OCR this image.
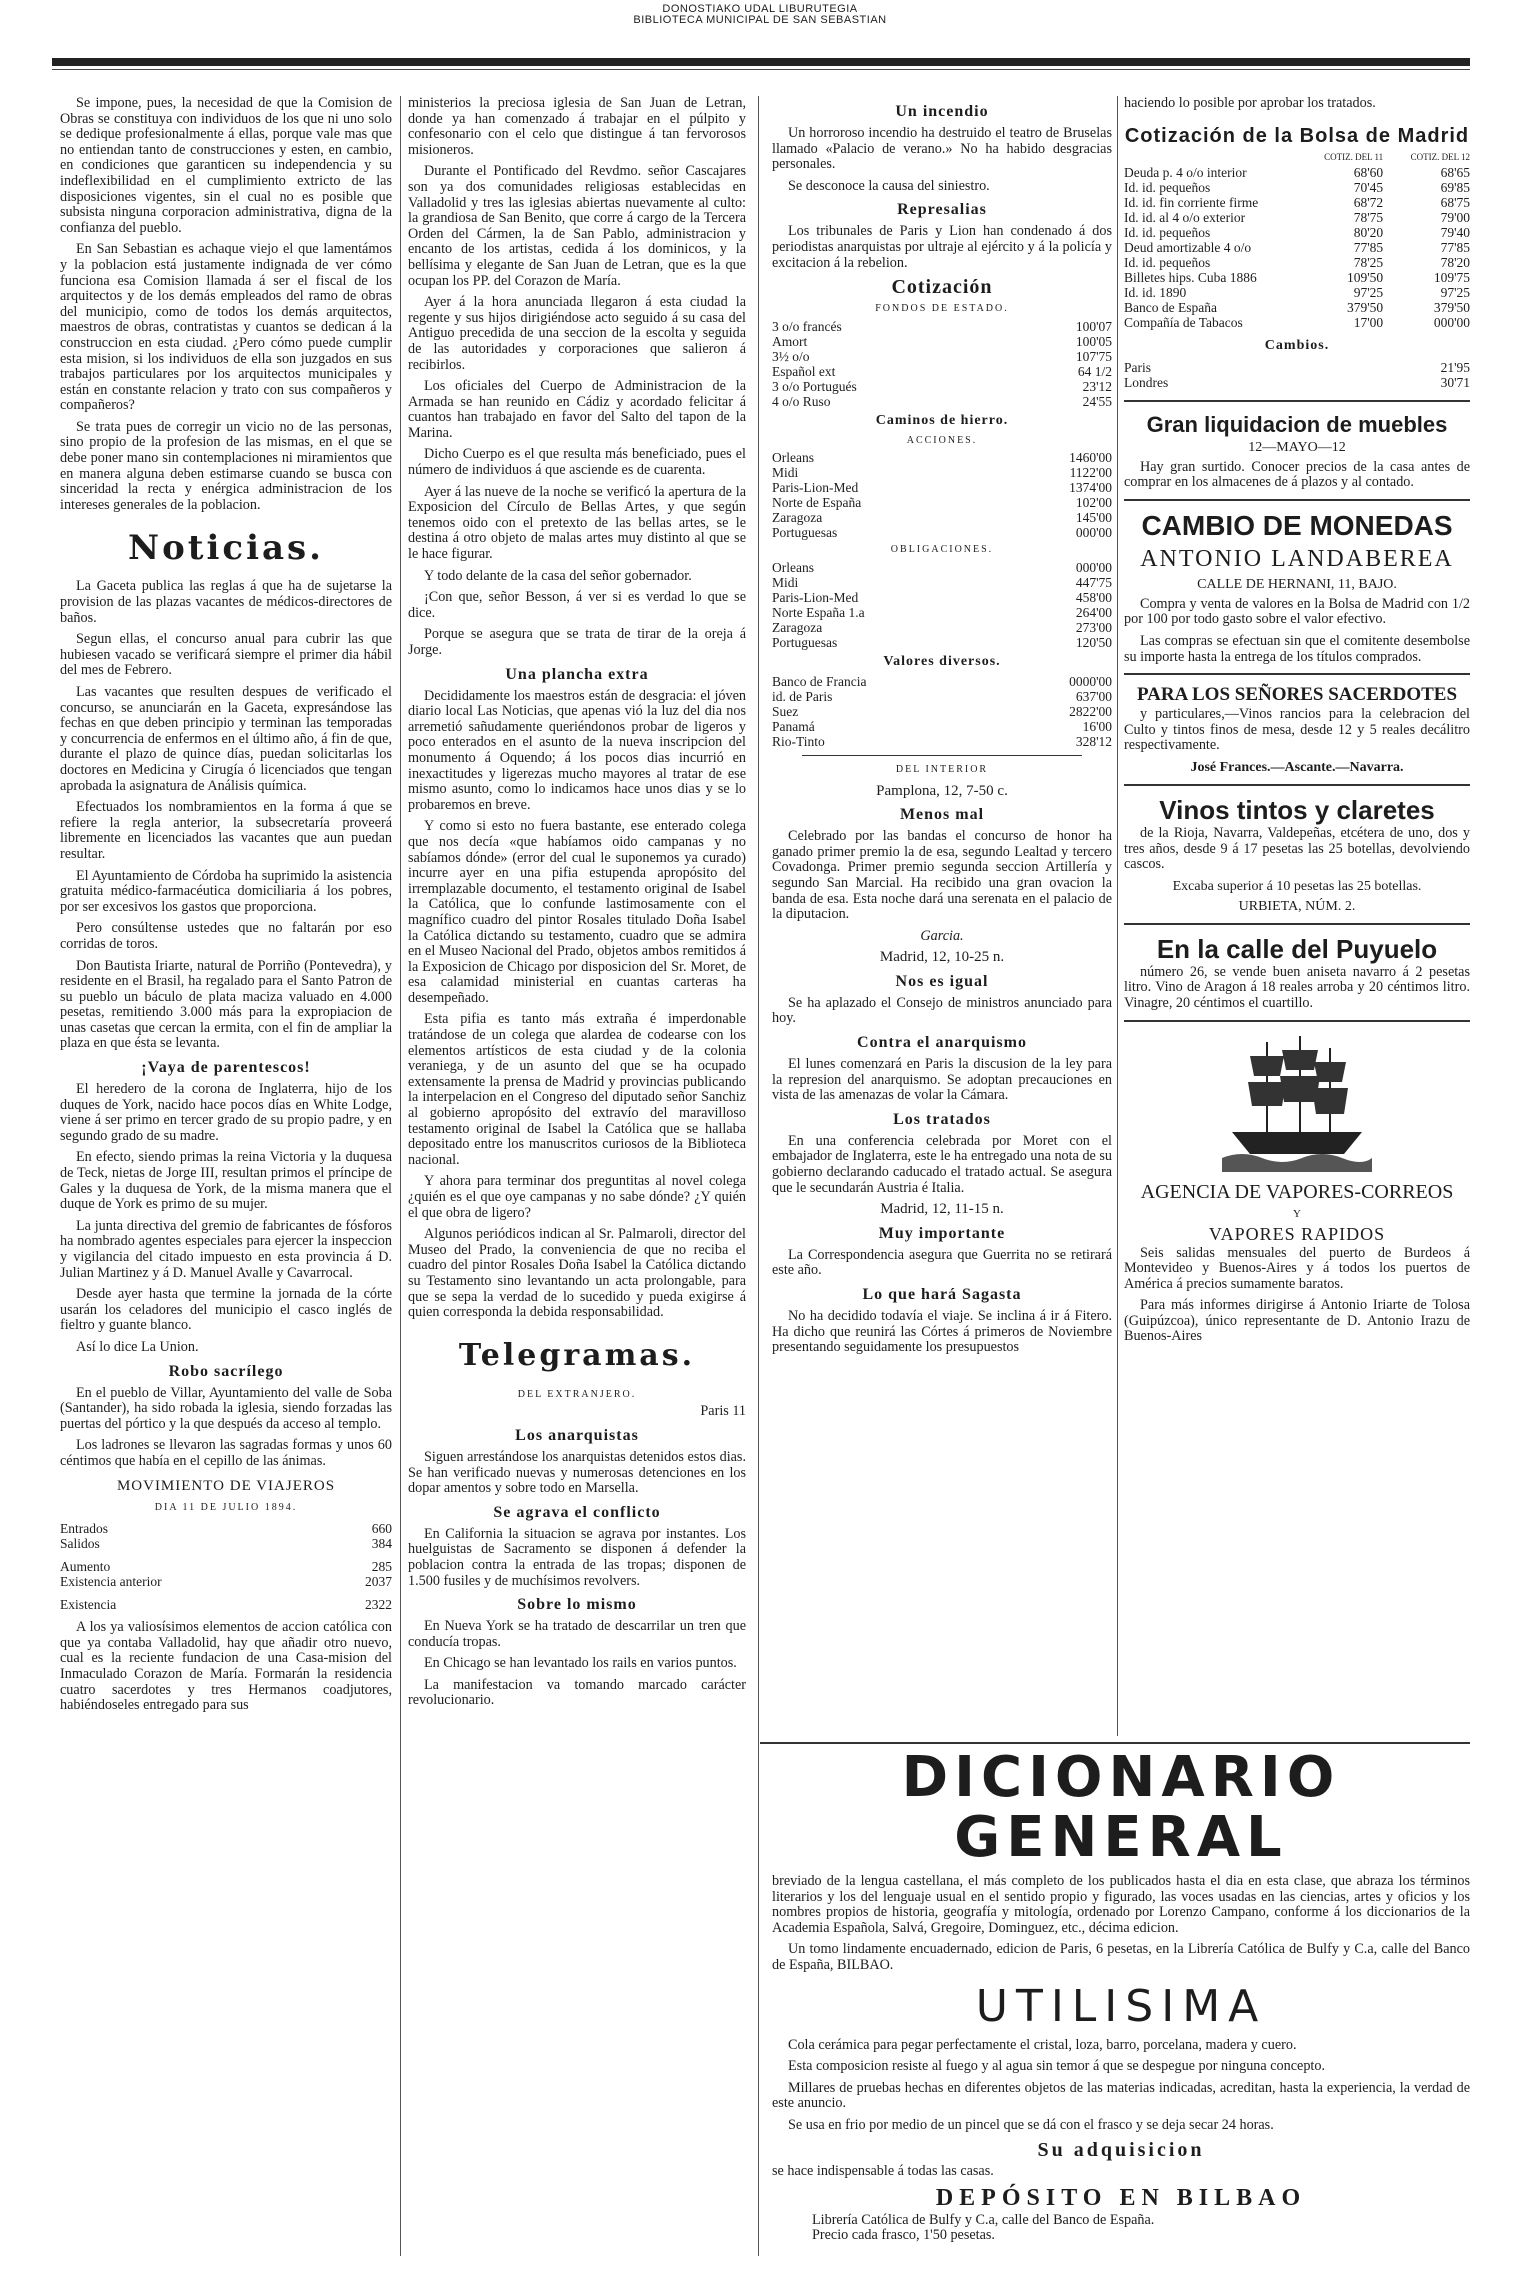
DONOSTIAKO UDAL LIBURUTEGIA
BIBLIOTECA MUNICIPAL DE SAN SEBASTIAN

Se impone, pues, la necesidad de que la Comision de Obras se constituya con individuos de los que ni uno solo se dedique profesionalmente á ellas, porque vale mas que no entiendan tanto de construcciones y esten, en cambio, en condiciones que garanticen su independencia y su indeflexibilidad en el cumplimiento extricto de las disposiciones vigentes, sin el cual no es posible que subsista ninguna corporacion administrativa, digna de la confianza del pueblo.

En San Sebastian es achaque viejo el que lamentámos y la poblacion está justamente indignada de ver cómo funciona esa Comision llamada á ser el fiscal de los arquitectos y de los demás empleados del ramo de obras del municipio, como de todos los demás arquitectos, maestros de obras, contratistas y cuantos se dedican á la construccion en esta ciudad. ¿Pero cómo puede cumplir esta mision, si los individuos de ella son juzgados en sus trabajos particulares por los arquitectos municipales y están en constante relacion y trato con sus compañeros y compañeros?

Se trata pues de corregir un vicio no de las personas, sino propio de la profesion de las mismas, en el que se debe poner mano sin contemplaciones ni miramientos que en manera alguna deben estimarse cuando se busca con sinceridad la recta y enérgica administracion de los intereses generales de la poblacion.

Noticias.

La Gaceta publica las reglas á que ha de sujetarse la provision de las plazas vacantes de médicos-directores de baños.

Segun ellas, el concurso anual para cubrir las que hubiesen vacado se verificará siempre el primer dia hábil del mes de Febrero.

Las vacantes que resulten despues de verificado el concurso, se anunciarán en la Gaceta, expresándose las fechas en que deben principio y terminan las temporadas y concurrencia de enfermos en el último año, á fin de que, durante el plazo de quince días, puedan solicitarlas los doctores en Medicina y Cirugía ó licenciados que tengan aprobada la asignatura de Análisis química.

Efectuados los nombramientos en la forma á que se refiere la regla anterior, la subsecretaría proveerá libremente en licenciados las vacantes que aun puedan resultar.

El Ayuntamiento de Córdoba ha suprimido la asistencia gratuita médico-farmacéutica domiciliaria á los pobres, por ser excesivos los gastos que proporciona.

Pero consúltense ustedes que no faltarán por eso corridas de toros.

Don Bautista Iriarte, natural de Porriño (Pontevedra), y residente en el Brasil, ha regalado para el Santo Patron de su pueblo un báculo de plata maciza valuado en 4.000 pesetas, remitiendo 3.000 más para la expropiacion de unas casetas que cercan la ermita, con el fin de ampliar la plaza en que ésta se levanta.

¡Vaya de parentescos!

El heredero de la corona de Inglaterra, hijo de los duques de York, nacido hace pocos días en White Lodge, viene á ser primo en tercer grado de su propio padre, y en segundo grado de su madre.

En efecto, siendo primas la reina Victoria y la duquesa de Teck, nietas de Jorge III, resultan primos el príncipe de Gales y la duquesa de York, de la misma manera que el duque de York es primo de su mujer.

La junta directiva del gremio de fabricantes de fósforos ha nombrado agentes especiales para ejercer la inspeccion y vigilancia del citado impuesto en esta provincia á D. Julian Martinez y á D. Manuel Avalle y Cavarrocal.

Desde ayer hasta que termine la jornada de la córte usarán los celadores del municipio el casco inglés de fieltro y guante blanco.

Así lo dice La Union.

Robo sacrílego

En el pueblo de Villar, Ayuntamiento del valle de Soba (Santander), ha sido robada la iglesia, siendo forzadas las puertas del pórtico y la que después da acceso al templo.

Los ladrones se llevaron las sagradas formas y unos 60 céntimos que había en el cepillo de las ánimas.

MOVIMIENTO DE VIAJEROS
DIA 11 DE JULIO 1894.
Entrados	660
Salidos	384
Aumento	285
Existencia anterior	2037
Existencia	2322

A los ya valiosísimos elementos de accion católica con que ya contaba Valladolid, hay que añadir otro nuevo, cual es la reciente fundacion de una Casa-mision del Inmaculado Corazon de María. Formarán la residencia cuatro sacerdotes y tres Hermanos coadjutores, habiéndoseles entregado para sus

ministerios la preciosa iglesia de San Juan de Letran, donde ya han comenzado á trabajar en el púlpito y confesonario con el celo que distingue á tan fervorosos misioneros.

Durante el Pontificado del Revdmo. señor Cascajares son ya dos comunidades religiosas establecidas en Valladolid y tres las iglesias abiertas nuevamente al culto: la grandiosa de San Benito, que corre á cargo de la Tercera Orden del Cármen, la de San Pablo, administracion y encanto de los artistas, cedida á los dominicos, y la bellísima y elegante de San Juan de Letran, que es la que ocupan los PP. del Corazon de María.

Ayer á la hora anunciada llegaron á esta ciudad la regente y sus hijos dirigiéndose acto seguido á su casa del Antiguo precedida de una seccion de la escolta y seguida de las autoridades y corporaciones que salieron á recibirlos.

Los oficiales del Cuerpo de Administracion de la Armada se han reunido en Cádiz y acordado felicitar á cuantos han trabajado en favor del Salto del tapon de la Marina.

Dicho Cuerpo es el que resulta más beneficiado, pues el número de individuos á que asciende es de cuarenta.

Ayer á las nueve de la noche se verificó la apertura de la Exposicion del Círculo de Bellas Artes, y que según tenemos oido con el pretexto de las bellas artes, se le destina á otro objeto de malas artes muy distinto al que se le hace figurar.

Y todo delante de la casa del señor gobernador.

¡Con que, señor Besson, á ver si es verdad lo que se dice.

Porque se asegura que se trata de tirar de la oreja á Jorge.

Una plancha extra

Decididamente los maestros están de desgracia: el jóven diario local Las Noticias, que apenas vió la luz del dia nos arremetió sañudamente queriéndonos probar de ligeros y poco enterados en el asunto de la nueva inscripcion del monumento á Oquendo; á los pocos dias incurrió en inexactitudes y ligerezas mucho mayores al tratar de ese mismo asunto, como lo indicamos hace unos dias y se lo probaremos en breve.

Y como si esto no fuera bastante, ese enterado colega que nos decía «que habíamos oido campanas y no sabíamos dónde» (error del cual le suponemos ya curado) incurre ayer en una pifia estupenda apropósito del irremplazable documento, el testamento original de Isabel la Católica, que lo confunde lastimosamente con el magnífico cuadro del pintor Rosales titulado Doña Isabel la Católica dictando su testamento, cuadro que se admira en el Museo Nacional del Prado, objetos ambos remitidos á la Exposicion de Chicago por disposicion del Sr. Moret, de esa calamidad ministerial en cuantas carteras ha desempeñado.

Esta pifia es tanto más extraña é imperdonable tratándose de un colega que alardea de codearse con los elementos artísticos de esta ciudad y de la colonia veraniega, y de un asunto del que se ha ocupado extensamente la prensa de Madrid y provincias publicando la interpelacion en el Congreso del diputado señor Sanchiz al gobierno apropósito del extravío del maravilloso testamento original de Isabel la Católica que se hallaba depositado entre los manuscritos curiosos de la Biblioteca nacional.

Y ahora para terminar dos preguntitas al novel colega ¿quién es el que oye campanas y no sabe dónde? ¿Y quién el que obra de ligero?

Algunos periódicos indican al Sr. Palmaroli, director del Museo del Prado, la conveniencia de que no reciba el cuadro del pintor Rosales Doña Isabel la Católica dictando su Testamento sino levantando un acta prolongable, para que se sepa la verdad de lo sucedido y pueda exigirse á quien corresponda la debida responsabilidad.

Telegramas.
DEL EXTRANJERO.

Paris 11

Los anarquistas

Siguen arrestándose los anarquistas detenidos estos dias. Se han verificado nuevas y numerosas detenciones en los dopar amentos y sobre todo en Marsella.

Se agrava el conflicto

En California la situacion se agrava por instantes. Los huelguistas de Sacramento se disponen á defender la poblacion contra la entrada de las tropas; disponen de 1.500 fusiles y de muchísimos revolvers.

Sobre lo mismo

En Nueva York se ha tratado de descarrilar un tren que conducía tropas.

En Chicago se han levantado los rails en varios puntos.

La manifestacion va tomando marcado carácter revolucionario.

Un incendio

Un horroroso incendio ha destruido el teatro de Bruselas llamado «Palacio de verano.» No ha habido desgracias personales.

Se desconoce la causa del siniestro.

Represalias

Los tribunales de Paris y Lion han condenado á dos periodistas anarquistas por ultraje al ejército y á la policía y excitacion á la rebelion.

Cotización
FONDOS DE ESTADO.
3 o/o francés	100'07
Amort	100'05
3½ o/o	107'75
Español ext	64 1/2
3 o/o Portugués	23'12
4 o/o Ruso	24'55
Caminos de hierro.
ACCIONES.
Orleans	1460'00
Midi	1122'00
Paris-Lion-Med	1374'00
Norte de España	102'00
Zaragoza	145'00
Portuguesas	000'00
OBLIGACIONES.
Orleans	000'00
Midi	447'75
Paris-Lion-Med	458'00
Norte España 1.a	264'00
Zaragoza	273'00
Portuguesas	120'50
Valores diversos.
Banco de Francia	0000'00
id. de Paris	637'00
Suez	2822'00
Panamá	16'00
Rio-Tinto	328'12
DEL INTERIOR
Pamplona, 12, 7-50 c.
Menos mal

Celebrado por las bandas el concurso de honor ha ganado primer premio la de esa, segundo Lealtad y tercero Covadonga. Primer premio segunda seccion Artillería y segundo San Marcial. Ha recibido una gran ovacion la banda de esa. Esta noche dará una serenata en el palacio de la diputacion.

Garcia.

Madrid, 12, 10-25 n.
Nos es igual

Se ha aplazado el Consejo de ministros anunciado para hoy.

Contra el anarquismo

El lunes comenzará en Paris la discusion de la ley para la represion del anarquismo. Se adoptan precauciones en vista de las amenazas de volar la Cámara.

Los tratados

En una conferencia celebrada por Moret con el embajador de Inglaterra, este le ha entregado una nota de su gobierno declarando caducado el tratado actual. Se asegura que le secundarán Austria é Italia.

Madrid, 12, 11-15 n.
Muy importante

La Correspondencia asegura que Guerrita no se retirará este año.

Lo que hará Sagasta

No ha decidido todavía el viaje. Se inclina á ir á Fitero. Ha dicho que reunirá las Córtes á primeros de Noviembre presentando seguidamente los presupuestos

haciendo lo posible por aprobar los tratados.

Cotización de la Bolsa de Madrid
	COTIZ. DEL 11	COTIZ. DEL 12
Deuda p. 4 o/o interior	68'60	68'65
Id. id. pequeños	70'45	69'85
Id. id. fin corriente firme	68'72	68'75
Id. id. al 4 o/o exterior	78'75	79'00
Id. id. pequeños	80'20	79'40
Deud amortizable 4 o/o	77'85	77'85
Id. id. pequeños	78'25	78'20
Billetes hips. Cuba 1886	109'50	109'75
Id. id. 1890	97'25	97'25
Banco de España	379'50	379'50
Compañía de Tabacos	17'00	000'00
Cambios.
Paris	21'95
Londres	30'71
Gran liquidacion de muebles
12—MAYO—12

Hay gran surtido. Conocer precios de la casa antes de comprar en los almacenes de á plazos y al contado.

CAMBIO DE MONEDAS
ANTONIO LANDABEREA
CALLE DE HERNANI, 11, BAJO.

Compra y venta de valores en la Bolsa de Madrid con 1/2 por 100 por todo gasto sobre el valor efectivo.

Las compras se efectuan sin que el comitente desembolse su importe hasta la entrega de los títulos comprados.

PARA LOS SEÑORES SACERDOTES

y particulares,—Vinos rancios para la celebracion del Culto y tintos finos de mesa, desde 12 y 5 reales decálitro respectivamente.

José Frances.—Ascante.—Navarra.
Vinos tintos y claretes

de la Rioja, Navarra, Valdepeñas, etcétera de uno, dos y tres años, desde 9 á 17 pesetas las 25 botellas, devolviendo cascos.

Excaba superior á 10 pesetas las 25 botellas.
URBIETA, NÚM. 2.
En la calle del Puyuelo

número 26, se vende buen aniseta navarro á 2 pesetas litro. Vino de Aragon á 18 reales arroba y 20 céntimos litro. Vinagre, 20 céntimos el cuartillo.

AGENCIA DE VAPORES-CORREOS
Y
VAPORES RAPIDOS

Seis salidas mensuales del puerto de Burdeos á Montevideo y Buenos-Aires y á todos los puertos de América á precios sumamente baratos.

Para más informes dirigirse á Antonio Iriarte de Tolosa (Guipúzcoa), único representante de D. Antonio Irazu de Buenos-Aires

DICIONARIO GENERAL

breviado de la lengua castellana, el más completo de los publicados hasta el dia en esta clase, que abraza los términos literarios y los del lenguaje usual en el sentido propio y figurado, las voces usadas en las ciencias, artes y oficios y los nombres propios de historia, geografía y mitología, ordenado por Lorenzo Campano, conforme á los diccionarios de la Academia Española, Salvá, Gregoire, Dominguez, etc., décima edicion.

Un tomo lindamente encuadernado, edicion de Paris, 6 pesetas, en la Librería Católica de Bulfy y C.a, calle del Banco de España, BILBAO.

UTILISIMA

Cola cerámica para pegar perfectamente el cristal, loza, barro, porcelana, madera y cuero.

Esta composicion resiste al fuego y al agua sin temor á que se despegue por ninguna concepto.

Millares de pruebas hechas en diferentes objetos de las materias indicadas, acreditan, hasta la experiencia, la verdad de este anuncio.

Se usa en frio por medio de un pincel que se dá con el frasco y se deja secar 24 horas.

Su adquisicion

se hace indispensable á todas las casas.

DEPÓSITO EN BILBAO

Librería Católica de Bulfy y C.a, calle del Banco de España.

Precio cada frasco, 1'50 pesetas.
